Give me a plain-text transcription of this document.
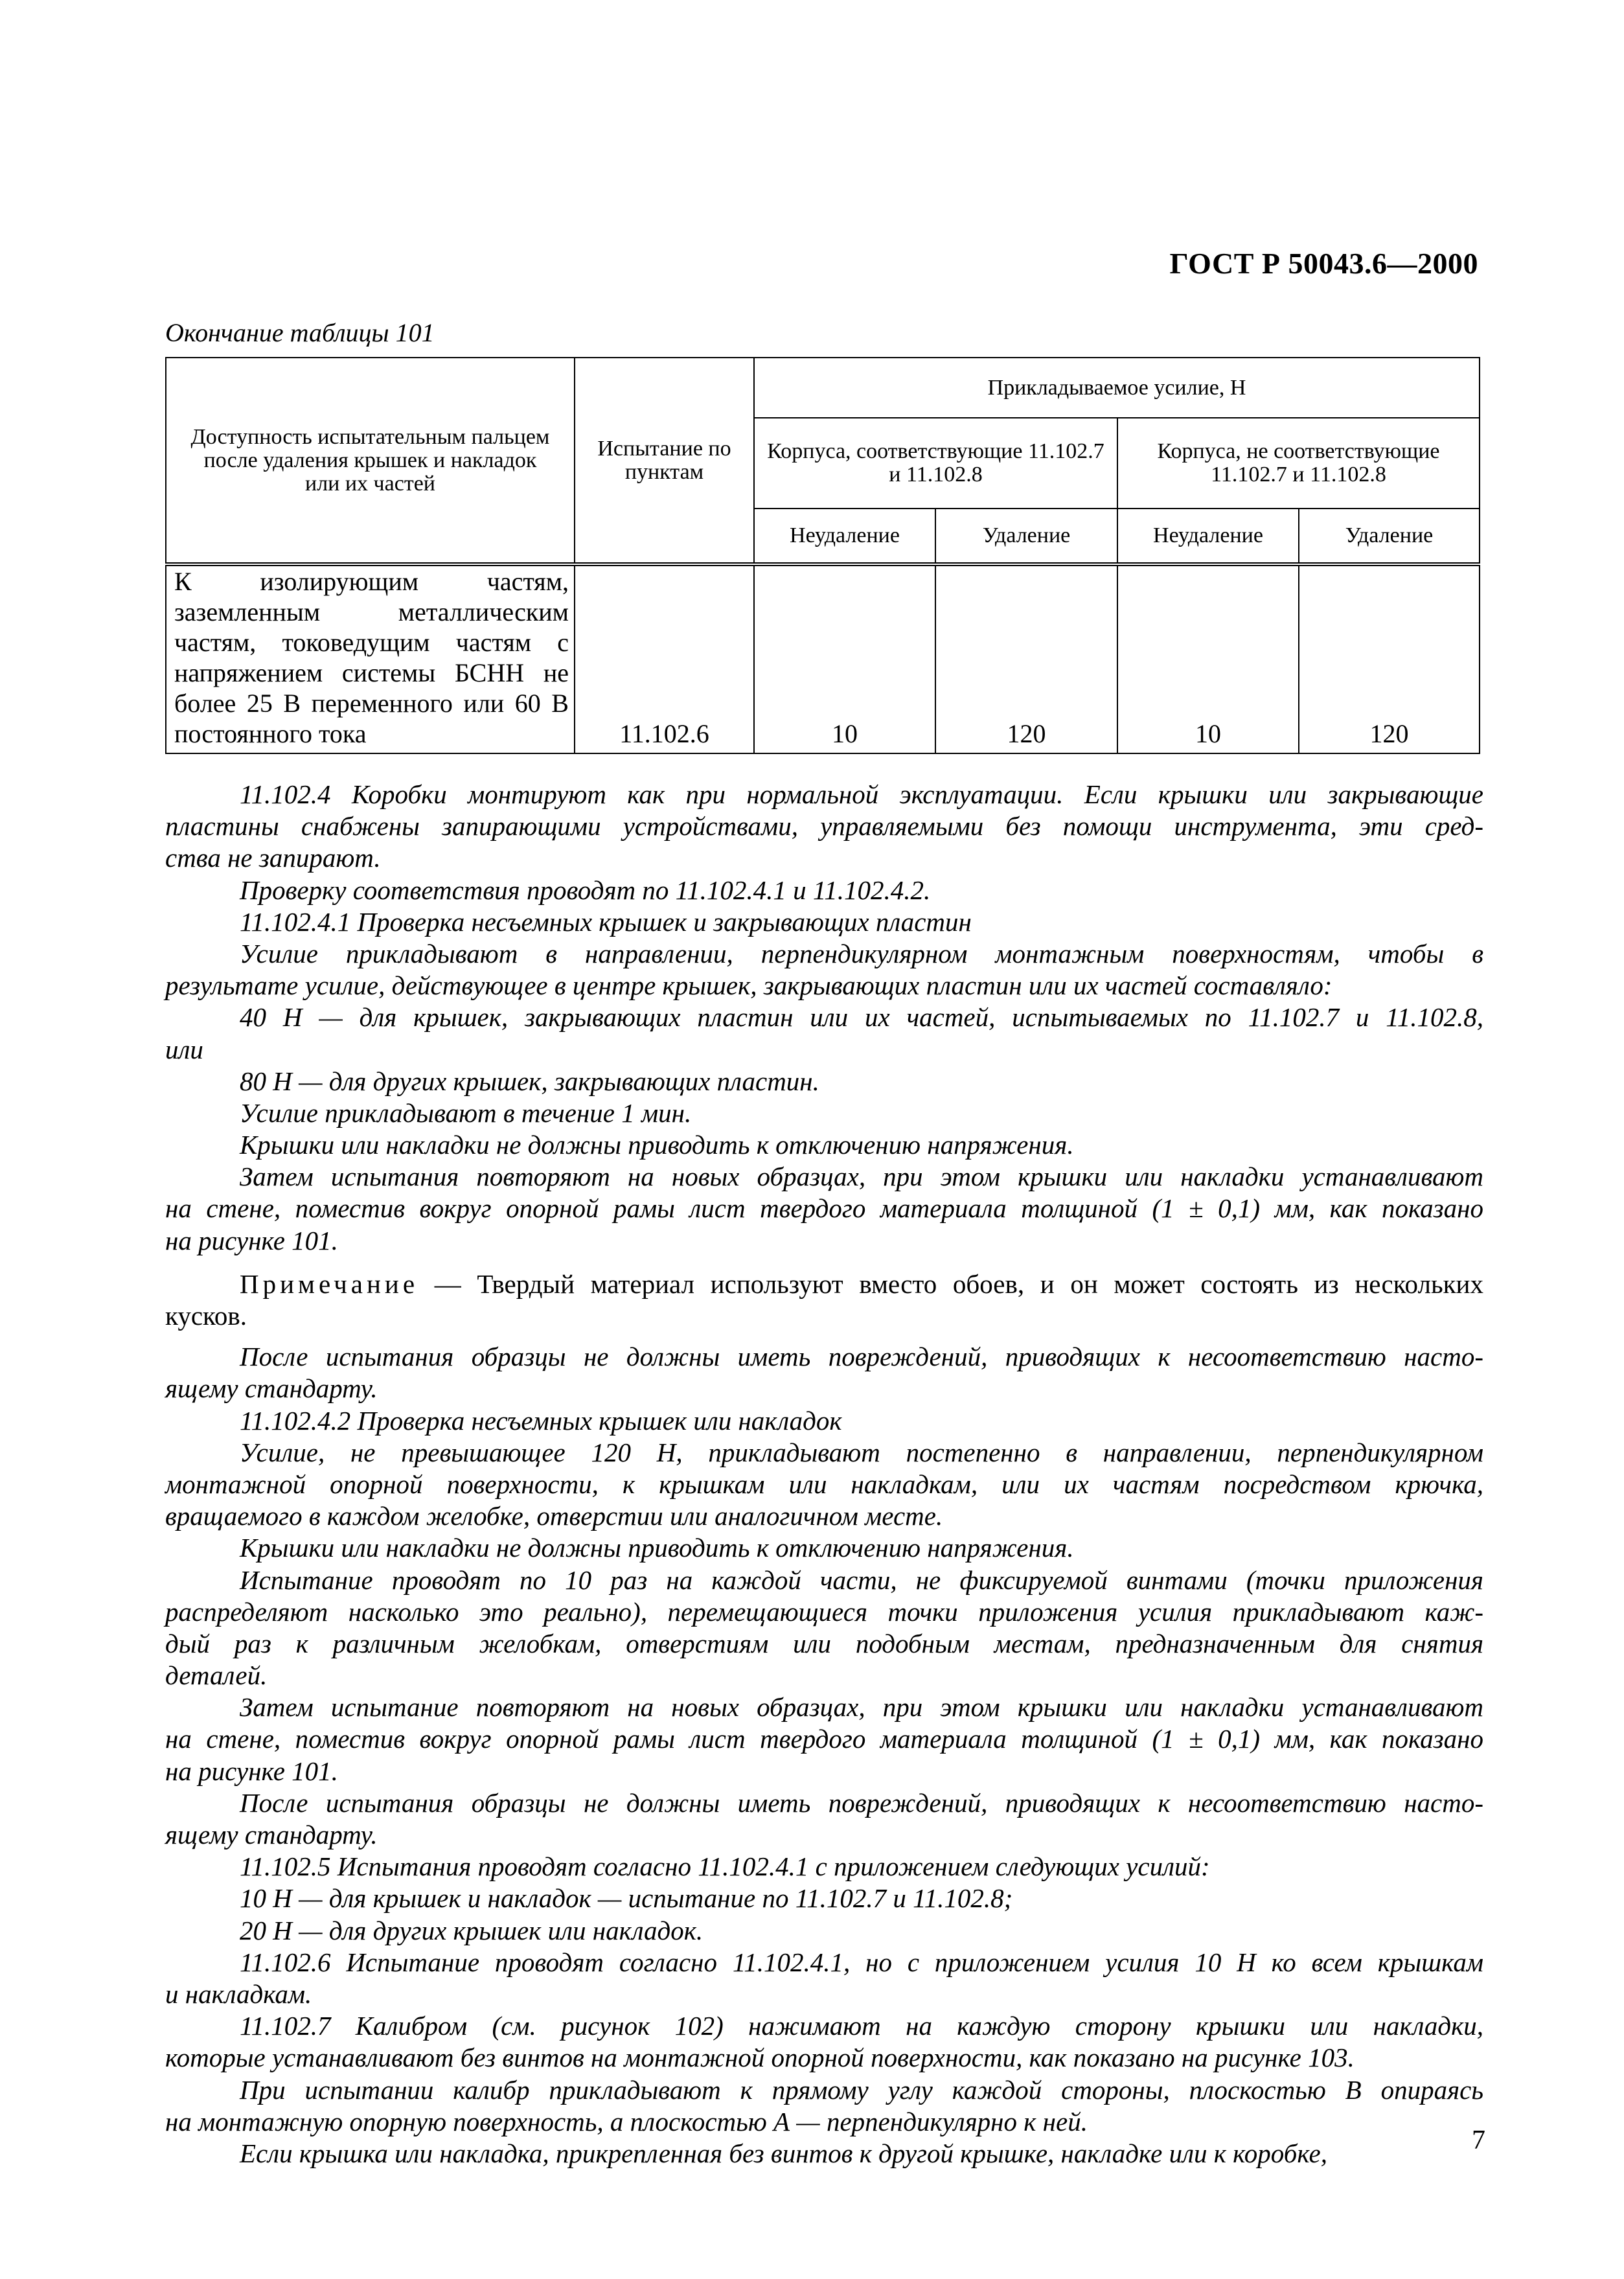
ГОСТ Р 50043.6—2000
Окончание таблицы 101
Доступность испытательным пальцем после удаления крышек и накладок или их частей	Испытание по пунктам	Прикладываемое усилие, Н			
		Корпуса, соответствующие 11.102.7 и 11.102.8		Корпуса, не соответствующие 11.102.7 и 11.102.8	
		Неудаление	Удаление	Неудаление	Удаление
К изолирующим частям, заземленным металлическим частям, токоведущим частям с напряжением системы БСНН не более 25 В переменного или 60 В постоянного тока	11.102.6	10	120	10	120
11.102.4 Коробки монтируют как при нормальной эксплуатации. Если крышки или закрывающие
пластины снабжены запирающими устройствами, управляемыми без помощи инструмента, эти сред-
ства не запирают.
Проверку соответствия проводят по 11.102.4.1 и 11.102.4.2.
11.102.4.1 Проверка несъемных крышек и закрывающих пластин
Усилие прикладывают в направлении, перпендикулярном монтажным поверхностям, чтобы в
результате усилие, действующее в центре крышек, закрывающих пластин или их частей составляло:
40 Н — для крышек, закрывающих пластин или их частей, испытываемых по 11.102.7 и 11.102.8,
или
80 Н — для других крышек, закрывающих пластин.
Усилие прикладывают в течение 1 мин.
Крышки или накладки не должны приводить к отключению напряжения.
Затем испытания повторяют на новых образцах, при этом крышки или накладки устанавливают
на стене, поместив вокруг опорной рамы лист твердого материала толщиной (1 ± 0,1) мм, как показано
на рисунке 101.
Примечание — Твердый материал используют вместо обоев, и он может состоять из нескольких
кусков.
После испытания образцы не должны иметь повреждений, приводящих к несоответствию насто-
ящему стандарту.
11.102.4.2 Проверка несъемных крышек или накладок
Усилие, не превышающее 120 Н, прикладывают постепенно в направлении, перпендикулярном
монтажной опорной поверхности, к крышкам или накладкам, или их частям посредством крючка,
вращаемого в каждом желобке, отверстии или аналогичном месте.
Крышки или накладки не должны приводить к отключению напряжения.
Испытание проводят по 10 раз на каждой части, не фиксируемой винтами (точки приложения
распределяют насколько это реально), перемещающиеся точки приложения усилия прикладывают каж-
дый раз к различным желобкам, отверстиям или подобным местам, предназначенным для снятия
деталей.
Затем испытание повторяют на новых образцах, при этом крышки или накладки устанавливают
на стене, поместив вокруг опорной рамы лист твердого материала толщиной (1 ± 0,1) мм, как показано
на рисунке 101.
После испытания образцы не должны иметь повреждений, приводящих к несоответствию насто-
ящему стандарту.
11.102.5 Испытания проводят согласно 11.102.4.1 с приложением следующих усилий:
10 Н — для крышек и накладок — испытание по 11.102.7 и 11.102.8;
20 Н — для других крышек или накладок.
11.102.6 Испытание проводят согласно 11.102.4.1, но с приложением усилия 10 Н ко всем крышкам
и накладкам.
11.102.7 Калибром (см. рисунок 102) нажимают на каждую сторону крышки или накладки,
которые устанавливают без винтов на монтажной опорной поверхности, как показано на рисунке 103.
При испытании калибр прикладывают к прямому углу каждой стороны, плоскостью В опираясь
на монтажную опорную поверхность, а плоскостью А — перпендикулярно к ней.
Если крышка или накладка, прикрепленная без винтов к другой крышке, накладке или к коробке,	7
